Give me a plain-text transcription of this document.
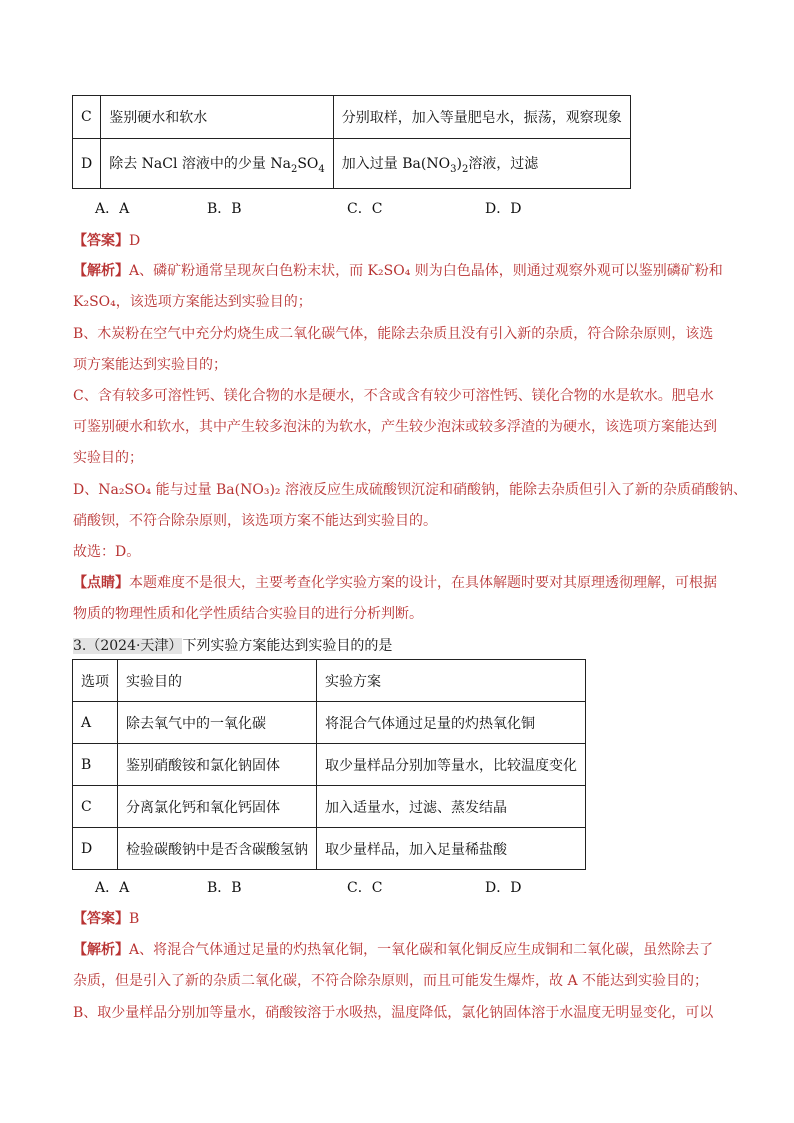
C	鉴别硬水和软水	分别取样，加入等量肥皂水，振荡，观察现象
D	除去 NaCl 溶液中的少量 $Na_2SO_4$	加入过量 $Ba(NO_3)_2$溶液，过滤
A．A	B．B	C．C	D．D
【答案】D
【解析】A、磷矿粉通常呈现灰白色粉末状，而 K₂SO₄ 则为白色晶体，则通过观察外观可以鉴别磷矿粉和
K₂SO₄，该选项方案能达到实验目的；
B、木炭粉在空气中充分灼烧生成二氧化碳气体，能除去杂质且没有引入新的杂质，符合除杂原则，该选
项方案能达到实验目的；
C、含有较多可溶性钙、镁化合物的水是硬水，不含或含有较少可溶性钙、镁化合物的水是软水。肥皂水
可鉴别硬水和软水，其中产生较多泡沫的为软水，产生较少泡沫或较多浮渣的为硬水，该选项方案能达到
实验目的；
D、Na₂SO₄ 能与过量 Ba(NO₃)₂ 溶液反应生成硫酸钡沉淀和硝酸钠，能除去杂质但引入了新的杂质硝酸钠、
硝酸钡，不符合除杂原则，该选项方案不能达到实验目的。
故选：D。
【点睛】本题难度不是很大，主要考查化学实验方案的设计，在具体解题时要对其原理透彻理解，可根据
物质的物理性质和化学性质结合实验目的进行分析判断。
3.（2024·天津）下列实验方案能达到实验目的的是
选项	实验目的	实验方案
A	除去氧气中的一氧化碳	将混合气体通过足量的灼热氧化铜
B	鉴别硝酸铵和氯化钠固体	取少量样品分别加等量水，比较温度变化
C	分离氯化钙和氧化钙固体	加入适量水，过滤、蒸发结晶
D	检验碳酸钠中是否含碳酸氢钠	取少量样品，加入足量稀盐酸
A．A	B．B	C．C	D．D
【答案】B
【解析】A、将混合气体通过足量的灼热氧化铜，一氧化碳和氧化铜反应生成铜和二氧化碳，虽然除去了
杂质，但是引入了新的杂质二氧化碳，不符合除杂原则，而且可能发生爆炸，故 A 不能达到实验目的；
B、取少量样品分别加等量水，硝酸铵溶于水吸热，温度降低，氯化钠固体溶于水温度无明显变化，可以
